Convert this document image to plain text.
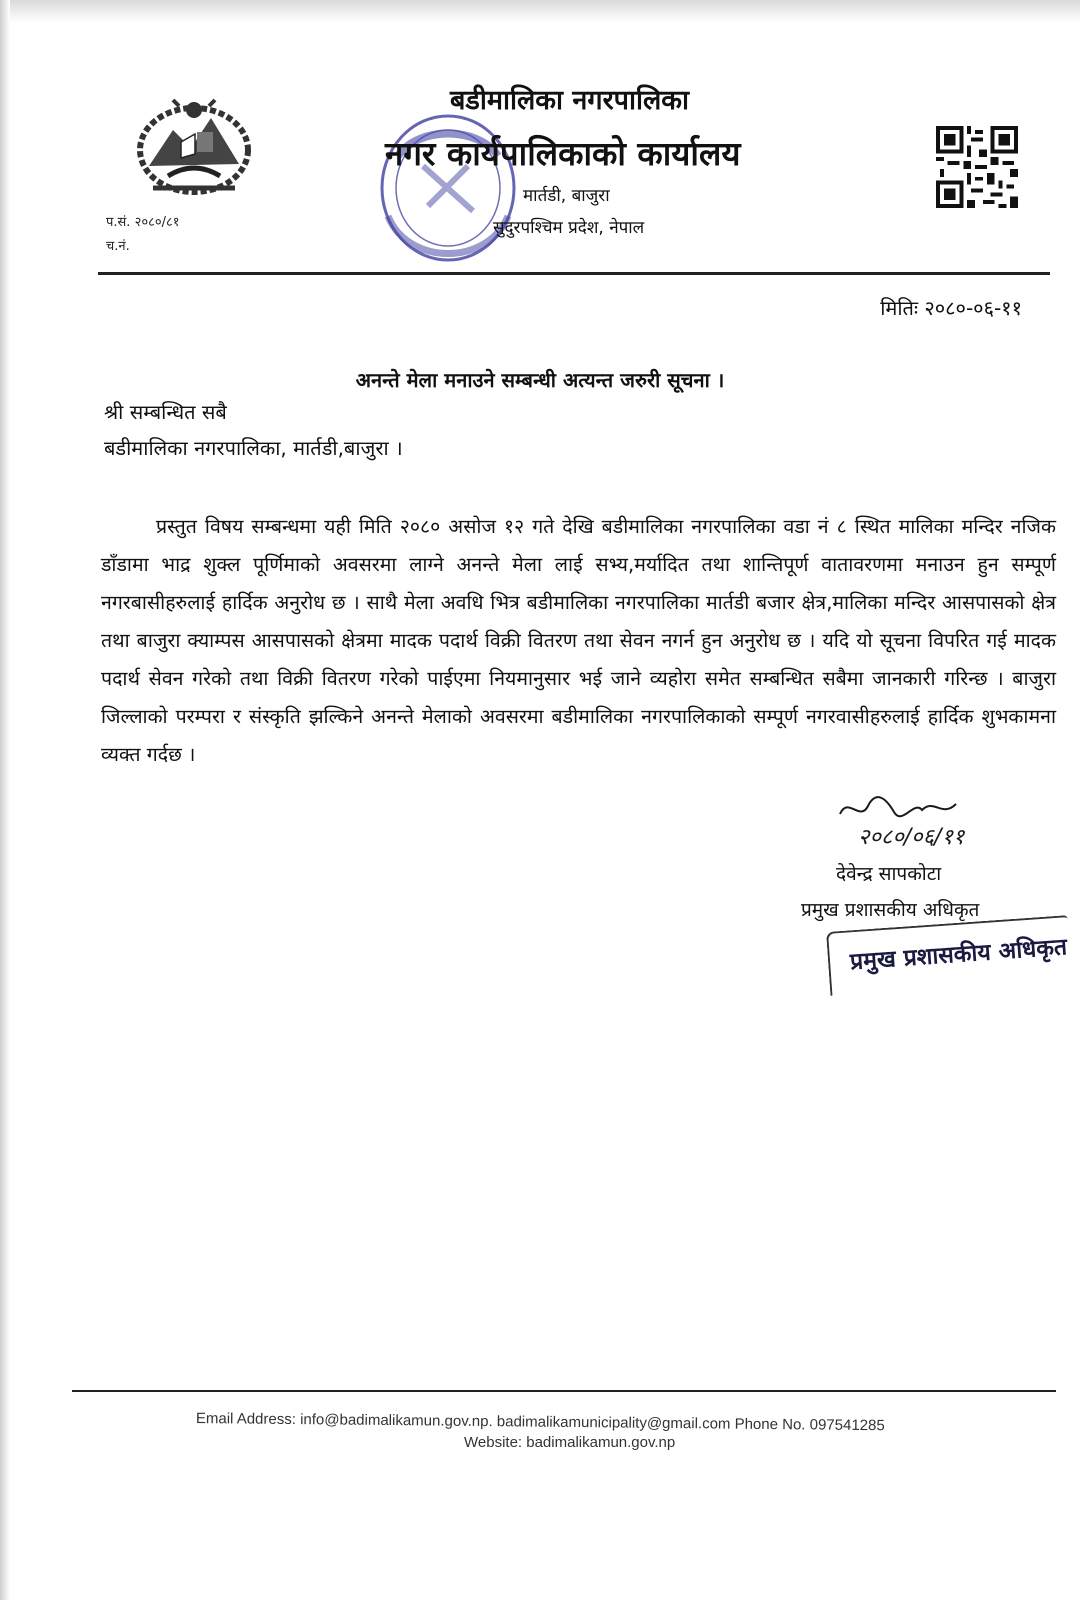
प.सं. २०८०/८१
च.नं.
बडीमालिका नगरपालिका
नगर कार्यपालिकाको कार्यालय
मार्तडी, बाजुरा
सुदुरपश्चिम प्रदेश, नेपाल
मितिः २०८०-०६-११
अनन्ते मेला मनाउने सम्बन्धी अत्यन्त जरुरी सूचना ।
श्री सम्बन्धित सबै
बडीमालिका नगरपालिका, मार्तडी,बाजुरा ।
प्रस्तुत विषय सम्बन्धमा यही मिति २०८० असोज १२ गते देखि बडीमालिका नगरपालिका वडा नं ८ स्थित मालिका मन्दिर नजिक डाँडामा भाद्र शुक्ल पूर्णिमाको अवसरमा लाग्ने अनन्ते मेला लाई सभ्य,मर्यादित तथा शान्तिपूर्ण वातावरणमा मनाउन हुन सम्पूर्ण नगरबासीहरुलाई हार्दिक अनुरोध छ । साथै मेला अवधि भित्र बडीमालिका नगरपालिका मार्तडी बजार क्षेत्र,मालिका मन्दिर आसपासको क्षेत्र तथा बाजुरा क्याम्पस आसपासको क्षेत्रमा मादक पदार्थ विक्री वितरण तथा सेवन नगर्न हुन अनुरोध छ । यदि यो सूचना विपरित गई मादक पदार्थ सेवन गरेको तथा विक्री वितरण गरेको पाईएमा नियमानुसार भई जाने व्यहोरा समेत सम्बन्धित सबैमा जानकारी गरिन्छ । बाजुरा जिल्लाको परम्परा र संस्कृति झल्किने अनन्ते मेलाको अवसरमा बडीमालिका नगरपालिकाको सम्पूर्ण नगरवासीहरुलाई हार्दिक शुभकामना व्यक्त गर्दछ ।
२०८०/०६/११
देवेन्द्र सापकोटा
प्रमुख प्रशासकीय अधिकृत
प्रमुख प्रशासकीय अधिकृत
Email Address: info@badimalikamun.gov.np. badimalikamunicipality@gmail.com Phone No. 097541285
Website: badimalikamun.gov.np
